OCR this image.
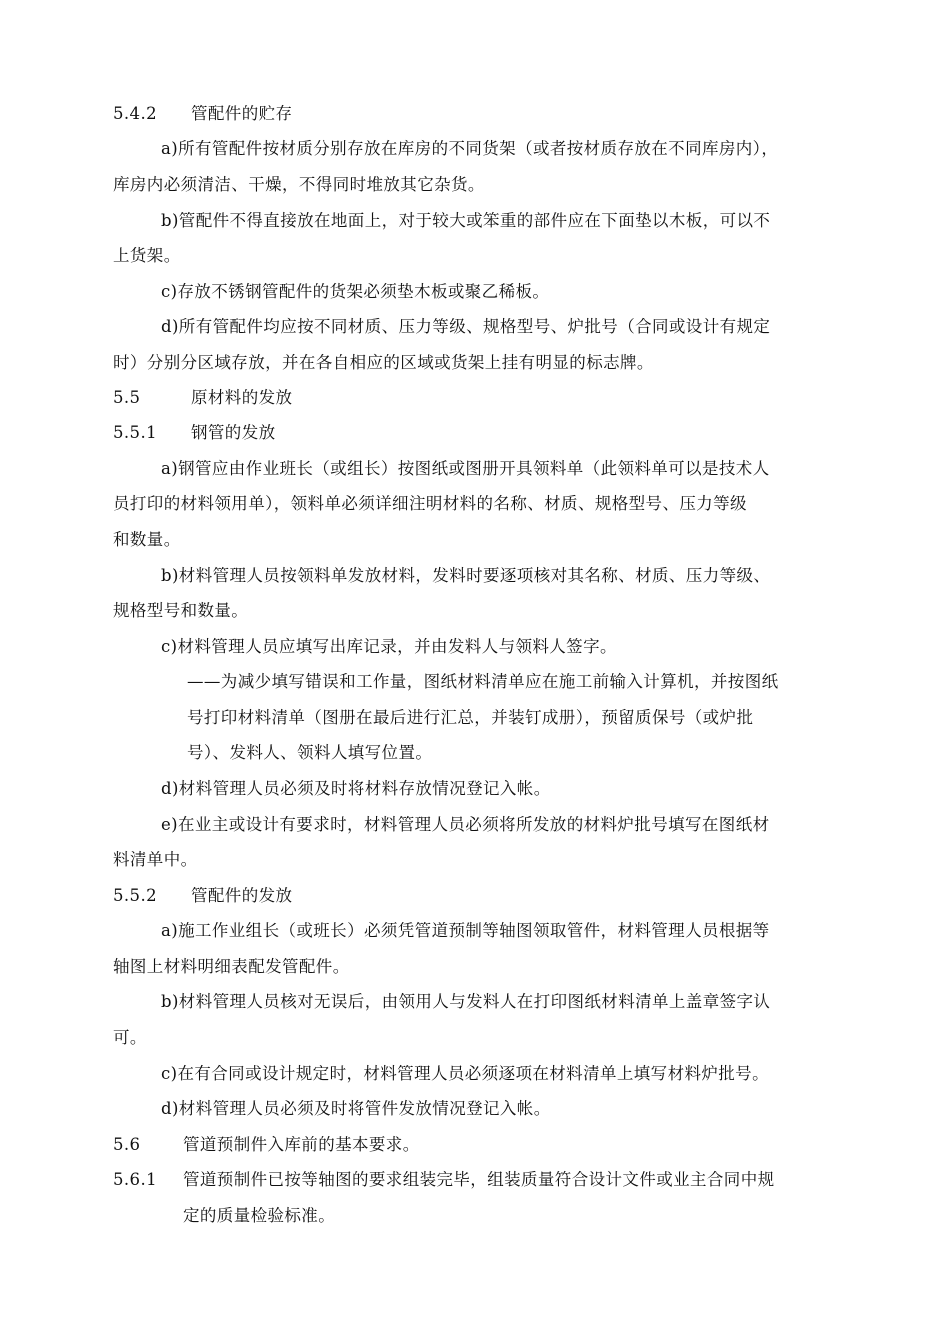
5.4.2 管配件的贮存
a)所有管配件按材质分别存放在库房的不同货架（或者按材质存放在不同库房内），
库房内必须清洁、干燥，不得同时堆放其它杂货。
b)管配件不得直接放在地面上，对于较大或笨重的部件应在下面垫以木板，可以不
上货架。
c)存放不锈钢管配件的货架必须垫木板或聚乙稀板。
d)所有管配件均应按不同材质、压力等级、规格型号、炉批号（合同或设计有规定
时）分别分区域存放，并在各自相应的区域或货架上挂有明显的标志牌。
5.5	原材料的发放
5.5.1 钢管的发放
a)钢管应由作业班长（或组长）按图纸或图册开具领料单（此领料单可以是技术人
员打印的材料领用单），领料单必须详细注明材料的名称、材质、规格型号、压力等级
和数量。
b)材料管理人员按领料单发放材料，发料时要逐项核对其名称、材质、压力等级、
规格型号和数量。
c)材料管理人员应填写出库记录，并由发料人与领料人签字。
——为减少填写错误和工作量，图纸材料清单应在施工前输入计算机，并按图纸
号打印材料清单（图册在最后进行汇总，并装钉成册），预留质保号（或炉批
号）、发料人、领料人填写位置。
d)材料管理人员必须及时将材料存放情况登记入帐。
e)在业主或设计有要求时，材料管理人员必须将所发放的材料炉批号填写在图纸材
料清单中。
5.5.2 管配件的发放
a)施工作业组长（或班长）必须凭管道预制等轴图领取管件，材料管理人员根据等
轴图上材料明细表配发管配件。
b)材料管理人员核对无误后，由领用人与发料人在打印图纸材料清单上盖章签字认
可。
c)在有合同或设计规定时，材料管理人员必须逐项在材料清单上填写材料炉批号。
d)材料管理人员必须及时将管件发放情况登记入帐。
5.6	管道预制件入库前的基本要求。
5.6.1 管道预制件已按等轴图的要求组装完毕，组装质量符合设计文件或业主合同中规
定的质量检验标准。
